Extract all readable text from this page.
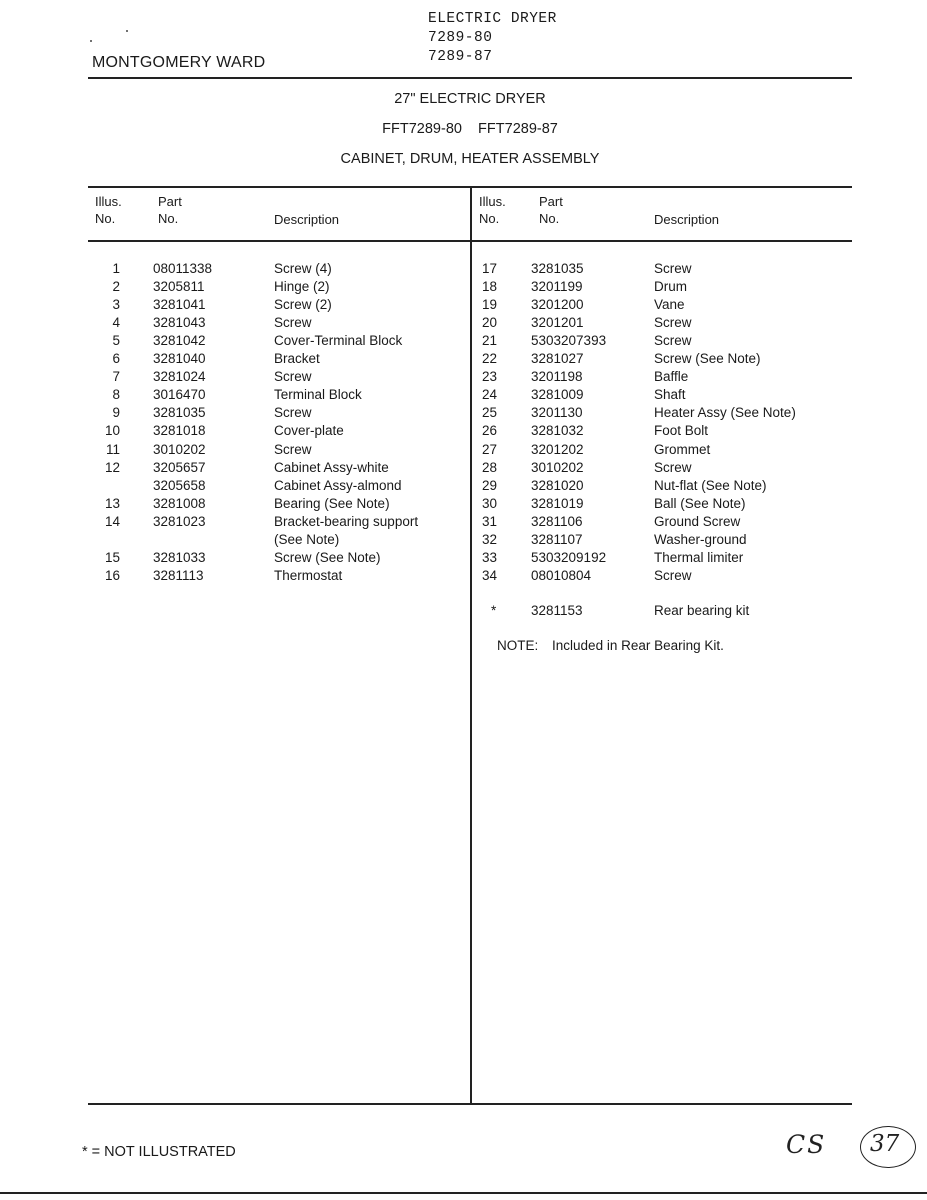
ELECTRIC DRYER
7289-80
7289-87
MONTGOMERY WARD
27" ELECTRIC DRYER
FFT7289-80    FFT7289-87
CABINET, DRUM, HEATER ASSEMBLY
Illus.
No.
Part
No.	Description
Illus.
No.
Part
No.	Description
1 08011338	Screw (4)
2 3205811	Hinge (2)
3 3281041	Screw (2)
4 3281043	Screw
5 3281042	Cover-Terminal Block
6 3281040	Bracket
7 3281024	Screw
8 3016470	Terminal Block
9 3281035	Screw
10 3281018	Cover-plate
11 3010202	Screw
12 3205657	Cabinet Assy-white
3205658	Cabinet Assy-almond
13 3281008	Bearing (See Note)
14 3281023	Bracket-bearing support
(See Note)
15 3281033	Screw (See Note)
16 3281113	Thermostat
17	3281035	Screw
18	3201199	Drum
19	3201200	Vane
20	3201201	Screw
21	5303207393	Screw
22	3281027	Screw (See Note)
23	3201198	Baffle
24	3281009	Shaft
25	3201130	Heater Assy (See Note)
26	3281032	Foot Bolt
27	3201202	Grommet
28	3010202	Screw
29	3281020	Nut-flat (See Note)
30	3281019	Ball (See Note)
31	3281106	Ground Screw
32	3281107	Washer-ground
33	5303209192	Thermal limiter
34	08010804	Screw
*	3281153	Rear bearing kit
NOTE: Included in Rear Bearing Kit.
* = NOT ILLUSTRATED	CS 37
